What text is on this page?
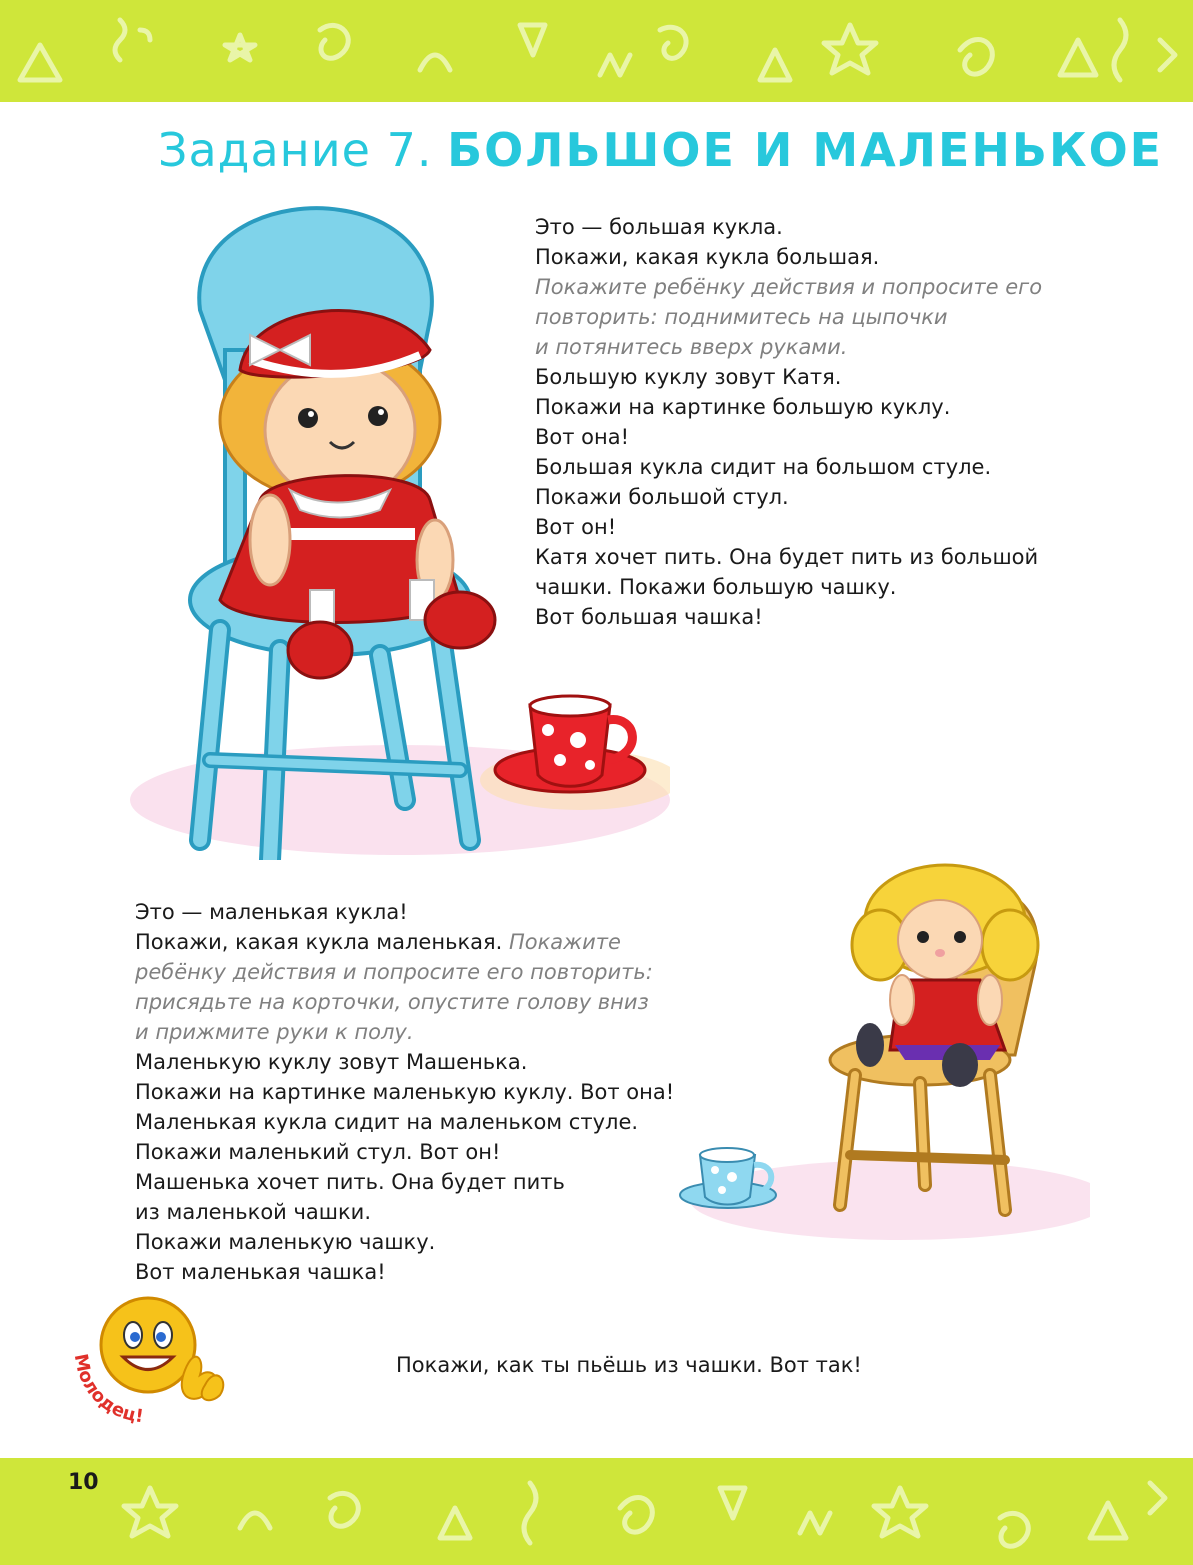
Задание 7. БОЛЬШОЕ И МАЛЕНЬКОЕ

Это — большая кукла.

Покажи, какая кукла большая.

Покажите ребёнку действия и попросите его

повторить: поднимитесь на цыпочки

и потянитесь вверх руками.

Большую куклу зовут Катя.

Покажи на картинке большую куклу.

Вот она!

Большая кукла сидит на большом стуле.

Покажи большой стул.

Вот он!

Катя хочет пить. Она будет пить из большой

чашки. Покажи большую чашку.

Вот большая чашка!

Это — маленькая кукла!

Покажи, какая кукла маленькая. Покажите

ребёнку действия и попросите его повторить:

присядьте на корточки, опустите голову вниз

и прижмите руки к полу.

Маленькую куклу зовут Машенька.

Покажи на картинке маленькую куклу. Вот она!

Маленькая кукла сидит на маленьком стуле.

Покажи маленький стул. Вот он!

Машенька хочет пить. Она будет пить

из маленькой чашки.

Покажи маленькую чашку.

Вот маленькая чашка!

Молодец!
Покажи, как ты пьёшь из чашки. Вот так!
10
